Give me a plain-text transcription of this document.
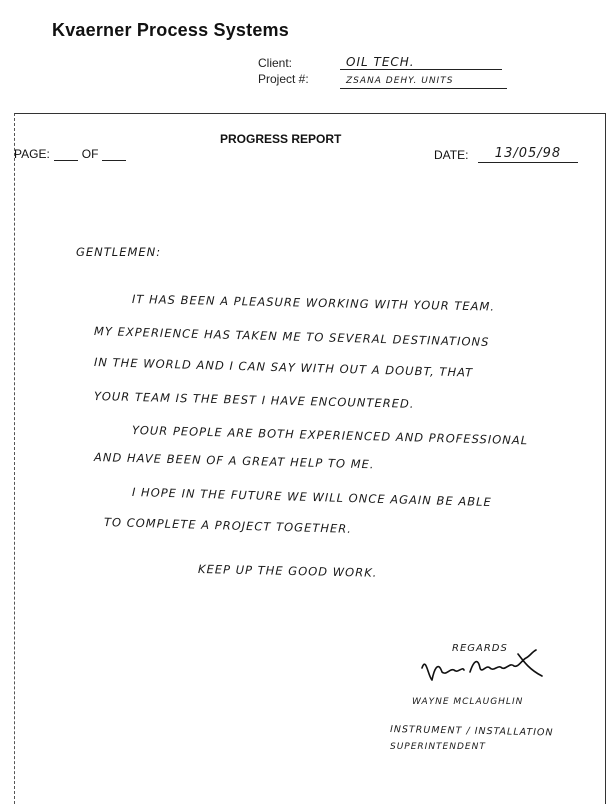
Kvaerner Process Systems
Client:	OIL TECH.
Project #:	ZSANA DEHY. UNITS
PROGRESS REPORT
PAGE:	OF	DATE:	13/05/98
GENTLEMEN:
IT HAS BEEN A PLEASURE WORKING WITH YOUR TEAM.
MY EXPERIENCE HAS TAKEN ME TO SEVERAL DESTINATIONS
IN THE WORLD AND I CAN SAY WITH OUT A DOUBT, THAT
YOUR TEAM IS THE BEST I HAVE ENCOUNTERED.
YOUR PEOPLE ARE BOTH EXPERIENCED AND PROFESSIONAL
AND HAVE BEEN OF A GREAT HELP TO ME.
I HOPE IN THE FUTURE WE WILL ONCE AGAIN BE ABLE
TO COMPLETE A PROJECT TOGETHER.
KEEP UP THE GOOD WORK.
REGARDS
WAYNE MCLAUGHLIN
INSTRUMENT / INSTALLATION
SUPERINTENDENT
